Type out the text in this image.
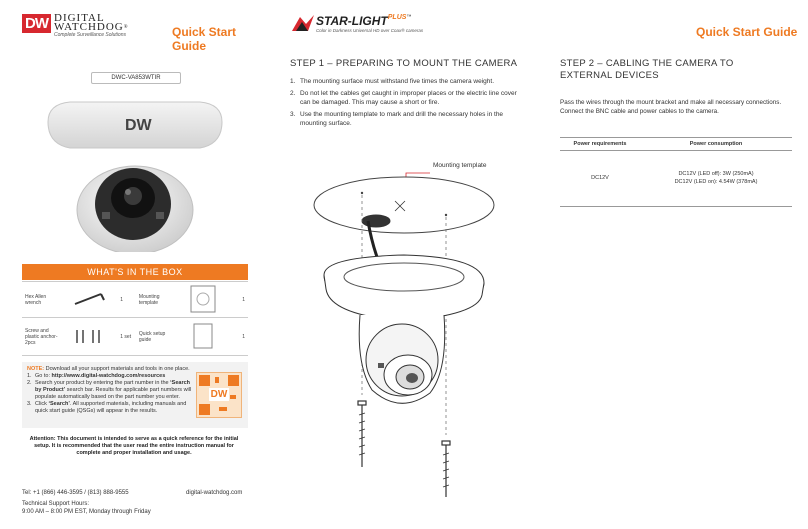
DW DIGITAL
WATCHDOG ®
Complete Surveillance Solutions	Quick Start Guide
DWC-VA853WTIR
DW
WHAT'S IN THE BOX
Hex Allen wrench		1	Mounting template		1
Screw and plastic anchor-2pcs		1 set	Quick setup guide		1
NOTE: Download all your support materials and tools in one place.
1. Go to: http://www.digital-watchdog.com/resources
2. Search your product by entering the part number in the ‘Search by Product’ search bar. Results for applicable part numbers will populate automatically based on the part number you enter.
3. Click ‘Search’. All supported materials, including manuals and quick start guide (QSGs) will appear in the results.
DW
Attention: This document is intended to serve as a quick reference for the initial setup. It is recommended that the user read the entire instruction manual for complete and proper installation and usage.
Tel: +1 (866) 446-3595 / (813) 888-9555	digital-watchdog.com
Technical Support Hours:
9:00 AM – 8:00 PM EST, Monday through Friday
STAR-LIGHT PLUS ™
Color in Darkness Universal HD over Coax® cameras
STEP 1 – PREPARING TO MOUNT THE CAMERA
1. The mounting surface must withstand five times the camera weight.
2. Do not let the cables get caught in improper places or the electric line cover can be damaged. This may cause a short or fire.
3. Use the mounting template to mark and drill the necessary holes in the mounting surface.
Mounting template
Quick Start Guide
STEP 2 – CABLING THE CAMERA TO
EXTERNAL DEVICES
Pass the wires through the mount bracket and make all necessary connections. Connect the BNC cable and power cables to the camera.
Power requirements	Power consumption
DC12V	DC12V (LED off): 3W (250mA)
DC12V (LED on): 4.54W (378mA)
